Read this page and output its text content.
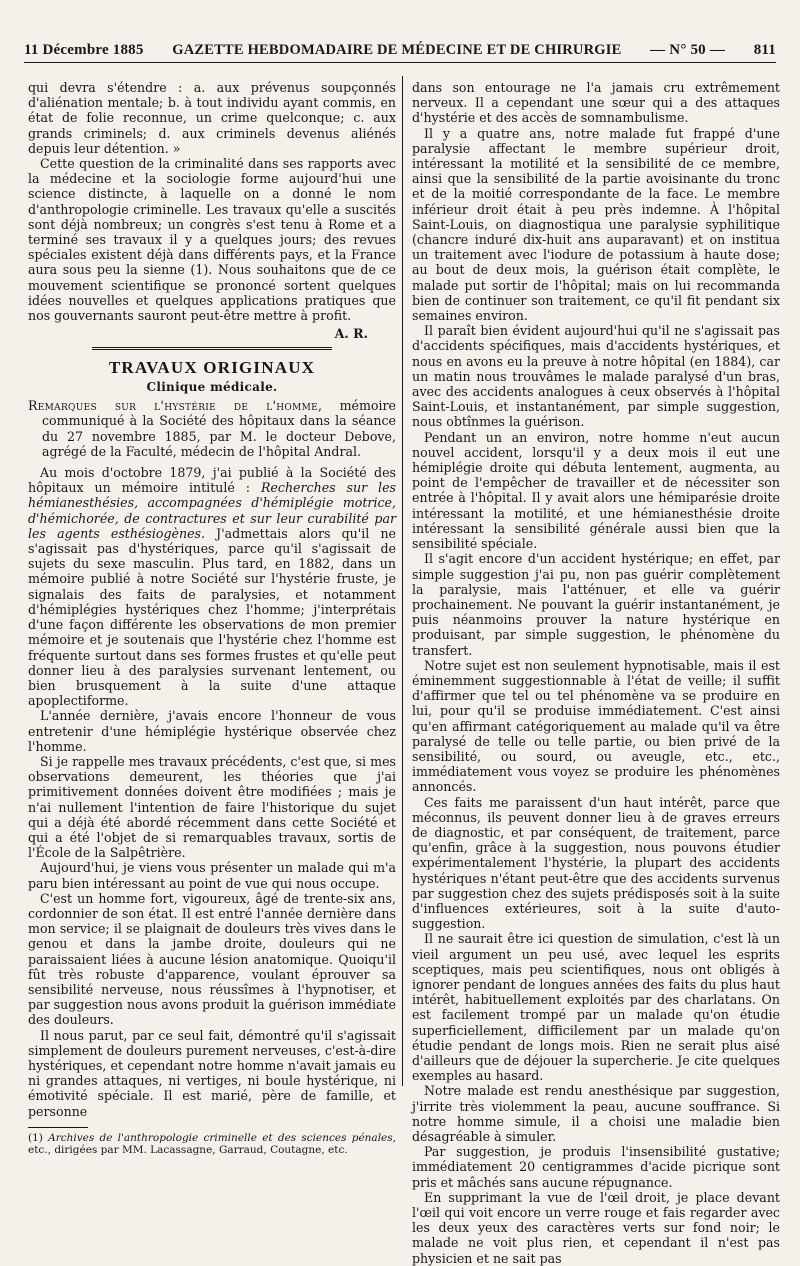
11 Décembre 1885 GAZETTE HEBDOMADAIRE DE MÉDECINE ET DE CHIRURGIE — N° 50 — 811

qui devra s'étendre : a. aux prévenus soupçonnés d'aliénation mentale; b. à tout individu ayant commis, en état de folie reconnue, un crime quelconque; c. aux grands criminels; d. aux criminels devenus aliénés depuis leur détention. »

Cette question de la criminalité dans ses rapports avec la médecine et la sociologie forme aujourd'hui une science distincte, à laquelle on a donné le nom d'anthropologie criminelle. Les travaux qu'elle a suscités sont déjà nombreux; un congrès s'est tenu à Rome et a terminé ses travaux il y a quelques jours; des revues spéciales existent déjà dans différents pays, et la France aura sous peu la sienne (1). Nous souhaitons que de ce mouvement scientifique se prononcé sortent quelques idées nouvelles et quelques applications pratiques que nos gouvernants sauront peut-être mettre à profit.

A. R.
TRAVAUX ORIGINAUX
Clinique médicale.

Remarques sur l'hystérie de l'homme, mémoire communiqué à la Société des hôpitaux dans la séance du 27 novembre 1885, par M. le docteur Debove, agrégé de la Faculté, médecin de l'hôpital Andral.

Au mois d'octobre 1879, j'ai publié à la Société des hôpitaux un mémoire intitulé : Recherches sur les hémianesthésies, accompagnées d'hémiplégie motrice, d'hémichorée, de contractures et sur leur curabilité par les agents esthésiogènes. J'admettais alors qu'il ne s'agissait pas d'hystériques, parce qu'il s'agissait de sujets du sexe masculin. Plus tard, en 1882, dans un mémoire publié à notre Société sur l'hystérie fruste, je signalais des faits de paralysies, et notamment d'hémiplégies hystériques chez l'homme; j'interprétais d'une façon différente les observations de mon premier mémoire et je soutenais que l'hystérie chez l'homme est fréquente surtout dans ses formes frustes et qu'elle peut donner lieu à des paralysies survenant lentement, ou bien brusquement à la suite d'une attaque apoplectiforme.

L'année dernière, j'avais encore l'honneur de vous entretenir d'une hémiplégie hystérique observée chez l'homme.

Si je rappelle mes travaux précédents, c'est que, si mes observations demeurent, les théories que j'ai primitivement données doivent être modifiées ; mais je n'ai nullement l'intention de faire l'historique du sujet qui a déjà été abordé récemment dans cette Société et qui a été l'objet de si remarquables travaux, sortis de l'École de la Salpêtrière.

Aujourd'hui, je viens vous présenter un malade qui m'a paru bien intéressant au point de vue qui nous occupe.

C'est un homme fort, vigoureux, âgé de trente-six ans, cordonnier de son état. Il est entré l'année dernière dans mon service; il se plaignait de douleurs très vives dans le genou et dans la jambe droite, douleurs qui ne paraissaient liées à aucune lésion anatomique. Quoiqu'il fût très robuste d'apparence, voulant éprouver sa sensibilité nerveuse, nous réussîmes à l'hypnotiser, et par suggestion nous avons produit la guérison immédiate des douleurs.

Il nous parut, par ce seul fait, démontré qu'il s'agissait simplement de douleurs purement nerveuses, c'est-à-dire hystériques, et cependant notre homme n'avait jamais eu ni grandes attaques, ni vertiges, ni boule hystérique, ni émotivité spéciale. Il est marié, père de famille, et personne

(1) Archives de l'anthropologie criminelle et des sciences pénales, etc., dirigées par MM. Lacassagne, Garraud, Coutagne, etc.

dans son entourage ne l'a jamais cru extrêmement nerveux. Il a cependant une sœur qui a des attaques d'hystérie et des accès de somnambulisme.

Il y a quatre ans, notre malade fut frappé d'une paralysie affectant le membre supérieur droit, intéressant la motilité et la sensibilité de ce membre, ainsi que la sensibilité de la partie avoisinante du tronc et de la moitié correspondante de la face. Le membre inférieur droit était à peu près indemne. À l'hôpital Saint-Louis, on diagnostiqua une paralysie syphilitique (chancre induré dix-huit ans auparavant) et on institua un traitement avec l'iodure de potassium à haute dose; au bout de deux mois, la guérison était complète, le malade put sortir de l'hôpital; mais on lui recommanda bien de continuer son traitement, ce qu'il fit pendant six semaines environ.

Il paraît bien évident aujourd'hui qu'il ne s'agissait pas d'accidents spécifiques, mais d'accidents hystériques, et nous en avons eu la preuve à notre hôpital (en 1884), car un matin nous trouvâmes le malade paralysé d'un bras, avec des accidents analogues à ceux observés à l'hôpital Saint-Louis, et instantanément, par simple suggestion, nous obtînmes la guérison.

Pendant un an environ, notre homme n'eut aucun nouvel accident, lorsqu'il y a deux mois il eut une hémiplégie droite qui débuta lentement, augmenta, au point de l'empêcher de travailler et de nécessiter son entrée à l'hôpital. Il y avait alors une hémiparésie droite intéressant la motilité, et une hémianesthésie droite intéressant la sensibilité générale aussi bien que la sensibilité spéciale.

Il s'agit encore d'un accident hystérique; en effet, par simple suggestion j'ai pu, non pas guérir complètement la paralysie, mais l'atténuer, et elle va guérir prochainement. Ne pouvant la guérir instantanément, je puis néanmoins prouver la nature hystérique en produisant, par simple suggestion, le phénomène du transfert.

Notre sujet est non seulement hypnotisable, mais il est éminemment suggestionnable à l'état de veille; il suffit d'affirmer que tel ou tel phénomène va se produire en lui, pour qu'il se produise immédiatement. C'est ainsi qu'en affirmant catégoriquement au malade qu'il va être paralysé de telle ou telle partie, ou bien privé de la sensibilité, ou sourd, ou aveugle, etc., etc., immédiatement vous voyez se produire les phénomènes annoncés.

Ces faits me paraissent d'un haut intérêt, parce que méconnus, ils peuvent donner lieu à de graves erreurs de diagnostic, et par conséquent, de traitement, parce qu'enfin, grâce à la suggestion, nous pouvons étudier expérimentalement l'hystérie, la plupart des accidents hystériques n'étant peut-être que des accidents survenus par suggestion chez des sujets prédisposés soit à la suite d'influences extérieures, soit à la suite d'auto-suggestion.

Il ne saurait être ici question de simulation, c'est là un vieil argument un peu usé, avec lequel les esprits sceptiques, mais peu scientifiques, nous ont obligés à ignorer pendant de longues années des faits du plus haut intérêt, habituellement exploités par des charlatans. On est facilement trompé par un malade qu'on étudie superficiellement, difficilement par un malade qu'on étudie pendant de longs mois. Rien ne serait plus aisé d'ailleurs que de déjouer la supercherie. Je cite quelques exemples au hasard.

Notre malade est rendu anesthésique par suggestion, j'irrite très violemment la peau, aucune souffrance. Si notre homme simule, il a choisi une maladie bien désagréable à simuler.

Par suggestion, je produis l'insensibilité gustative; immédiatement 20 centigrammes d'acide picrique sont pris et mâchés sans aucune répugnance.

En supprimant la vue de l'œil droit, je place devant l'œil qui voit encore un verre rouge et fais regarder avec les deux yeux des caractères verts sur fond noir; le malade ne voit plus rien, et cependant il n'est pas physicien et ne sait pas
